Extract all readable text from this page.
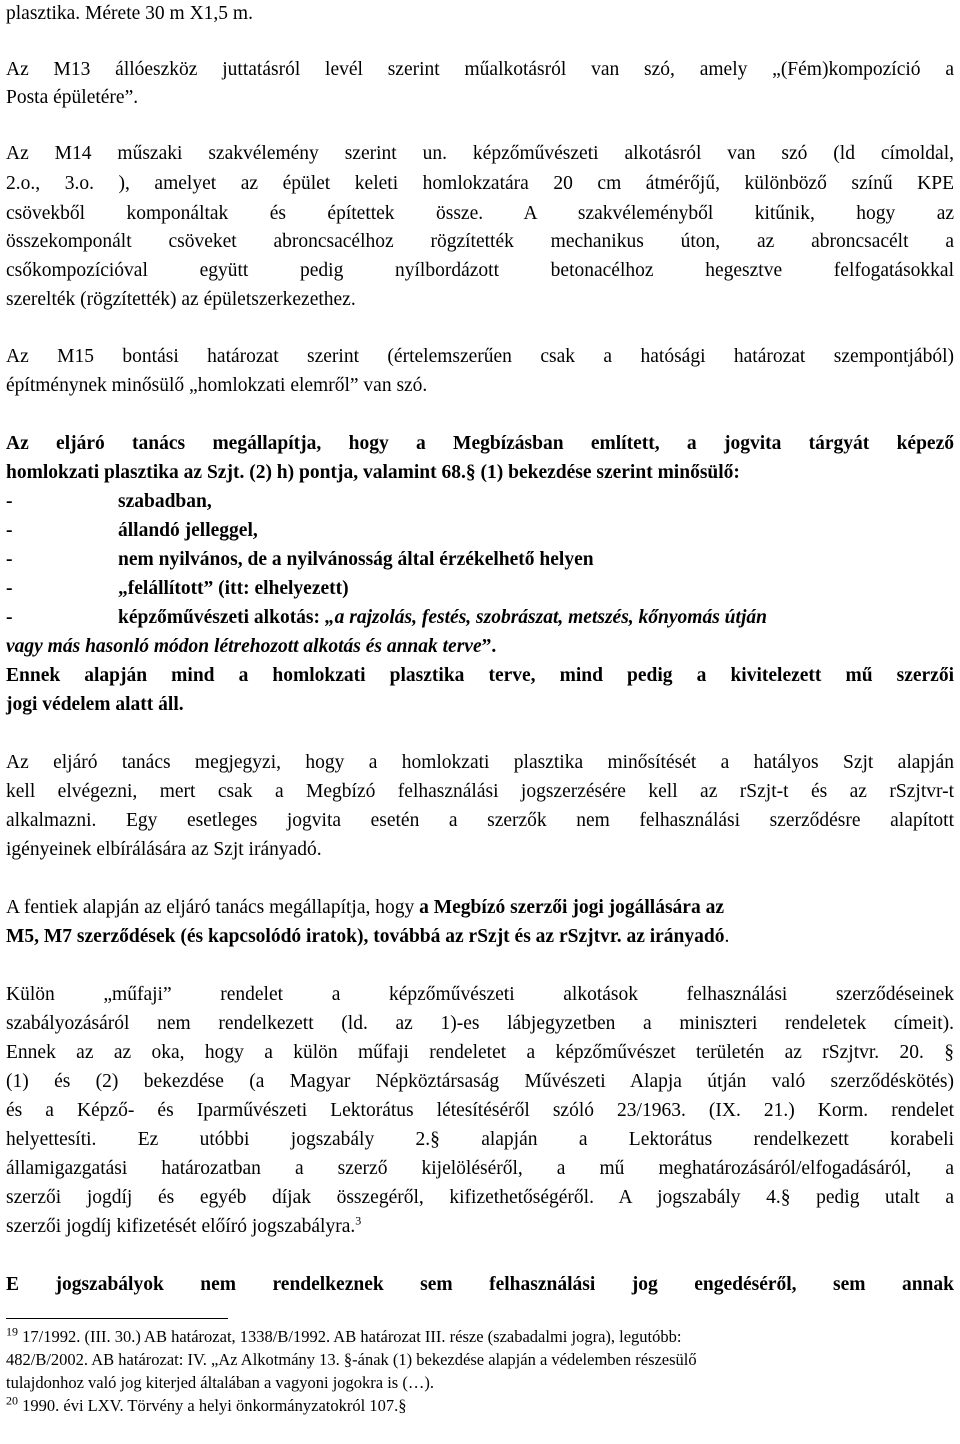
plasztika. Mérete 30 m X1,5 m.
Az M13 állóeszköz juttatásról levél szerint műalkotásról van szó, amely „(Fém)kompozíció a
Posta épületére”.
Az M14 műszaki szakvélemény szerint un. képzőművészeti alkotásról van szó (ld címoldal,
2.o., 3.o. ), amelyet az épület keleti homlokzatára 20 cm átmérőjű, különböző színű KPE
csövekből komponáltak és építettek össze. A szakvéleményből kitűnik, hogy az
összekomponált csöveket abroncsacélhoz rögzítették mechanikus úton, az abroncsacélt a
csőkompozícióval együtt pedig nyílbordázott betonacélhoz hegesztve felfogatásokkal
szerelték (rögzítették) az épületszerkezethez.
Az M15 bontási határozat szerint (értelemszerűen csak a hatósági határozat szempontjából)
építménynek minősülő „homlokzati elemről” van szó.
Az eljáró tanács megállapítja, hogy a Megbízásban említett, a jogvita tárgyát képező
homlokzati plasztika az Szjt. (2) h) pontja, valamint 68.§ (1) bekezdése szerint minősülő:
-	szabadban,
-	állandó jelleggel,
-	nem nyilvános, de a nyilvánosság által érzékelhető helyen
-	„felállított” (itt: elhelyezett)
-	képzőművészeti alkotás: „a rajzolás, festés, szobrászat, metszés, kőnyomás útján
vagy más hasonló módon létrehozott alkotás és annak terve”.
Ennek alapján mind a homlokzati plasztika terve, mind pedig a kivitelezett mű szerzői
jogi védelem alatt áll.
Az eljáró tanács megjegyzi, hogy a homlokzati plasztika minősítését a hatályos Szjt alapján
kell elvégezni, mert csak a Megbízó felhasználási jogszerzésére kell az rSzjt-t és az rSzjtvr-t
alkalmazni. Egy esetleges jogvita esetén a szerzők nem felhasználási szerződésre alapított
igényeinek elbírálására az Szjt irányadó.
A fentiek alapján az eljáró tanács megállapítja, hogy a Megbízó szerzői jogi jogállására az
M5, M7 szerződések (és kapcsolódó iratok), továbbá az rSzjt és az rSzjtvr. az irányadó.
Külön „műfaji” rendelet a képzőművészeti alkotások felhasználási szerződéseinek
szabályozásáról nem rendelkezett (ld. az 1)-es lábjegyzetben a miniszteri rendeletek címeit).
Ennek az az oka, hogy a külön műfaji rendeletet a képzőművészet területén az rSzjtvr. 20. §
(1) és (2) bekezdése (a Magyar Népköztársaság Művészeti Alapja útján való szerződéskötés)
és a Képző- és Iparművészeti Lektorátus létesítéséről szóló 23/1963. (IX. 21.) Korm. rendelet
helyettesíti. Ez utóbbi jogszabály 2.§ alapján a Lektorátus rendelkezett korabeli
államigazgatási határozatban a szerző kijelöléséről, a mű meghatározásáról/elfogadásáról, a
szerzői jogdíj és egyéb díjak összegéről, kifizethetőségéről. A jogszabály 4.§ pedig utalt a
szerzői jogdíj kifizetését előíró jogszabályra.$^3$
E jogszabályok nem rendelkeznek sem felhasználási jog engedéséről, sem annak
$^{19}$ 17/1992. (III. 30.) AB határozat, 1338/B/1992. AB határozat III. része (szabadalmi jogra), legutóbb:
482/B/2002. AB határozat: IV. „Az Alkotmány 13. §-ának (1) bekezdése alapján a védelemben részesülő
tulajdonhoz való jog kiterjed általában a vagyoni jogokra is (…).
$^{20}$ 1990. évi LXV. Törvény a helyi önkormányzatokról 107.§
